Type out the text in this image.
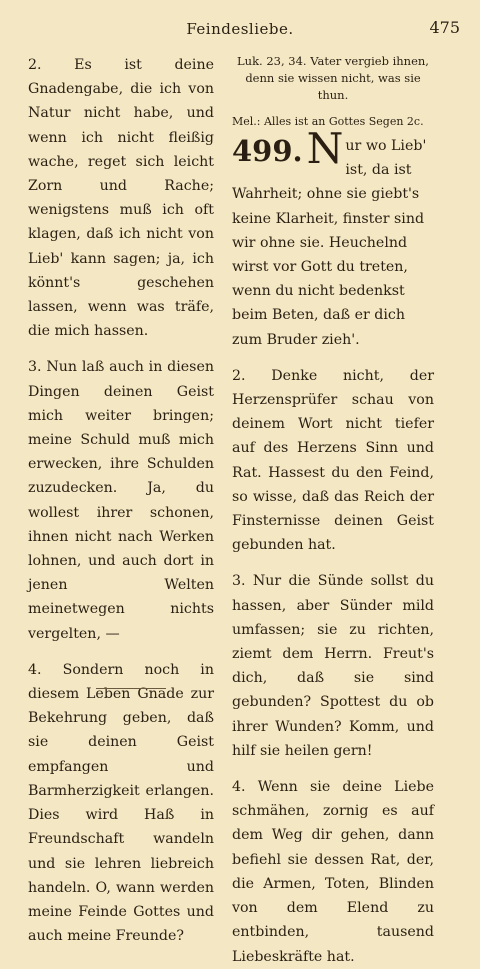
Feindesliebe.	475

2. Es ist deine Gnadengabe, die ich von Natur nicht habe, und wenn ich nicht fleißig wache, reget sich leicht Zorn und Rache; wenigstens muß ich oft klagen, daß ich nicht von Lieb' kann sagen; ja, ich könnt's geschehen lassen, wenn was träfe, die mich hassen.

3. Nun laß auch in diesen Dingen deinen Geist mich weiter bringen; meine Schuld muß mich erwecken, ihre Schulden zuzudecken. Ja, du wollest ihrer schonen, ihnen nicht nach Werken lohnen, und auch dort in jenen Welten meinetwegen nichts vergelten, —

4. Sondern noch in diesem Leben Gnade zur Bekehrung geben, daß sie deinen Geist empfangen und Barmherzigkeit erlangen. Dies wird Haß in Freundschaft wandeln und sie lehren liebreich handeln. O, wann werden meine Feinde Gottes und auch meine Freunde?

Luk. 23, 34. Vater vergieb ihnen,

denn sie wissen nicht, was sie thun.

Mel.: Alles ist an Gottes Segen 2c.

499. N ur wo Lieb' ist, da ist Wahrheit; ohne sie giebt's keine Klarheit, finster sind wir ohne sie. Heuchelnd wirst vor Gott du treten, wenn du nicht bedenkst beim Beten, daß er dich zum Bruder zieh'.

2. Denke nicht, der Herzensprüfer schau von deinem Wort nicht tiefer auf des Herzens Sinn und Rat. Hassest du den Feind, so wisse, daß das Reich der Finsternisse deinen Geist gebunden hat.

3. Nur die Sünde sollst du hassen, aber Sünder mild umfassen; sie zu richten, ziemt dem Herrn. Freut's dich, daß sie sind gebunden? Spottest du ob ihrer Wunden? Komm, und hilf sie heilen gern!

4. Wenn sie deine Liebe schmähen, zornig es auf dem Weg dir gehen, dann befiehl sie dessen Rat, der, die Armen, Toten, Blinden von dem Elend zu entbinden, tausend Liebeskräfte hat.
